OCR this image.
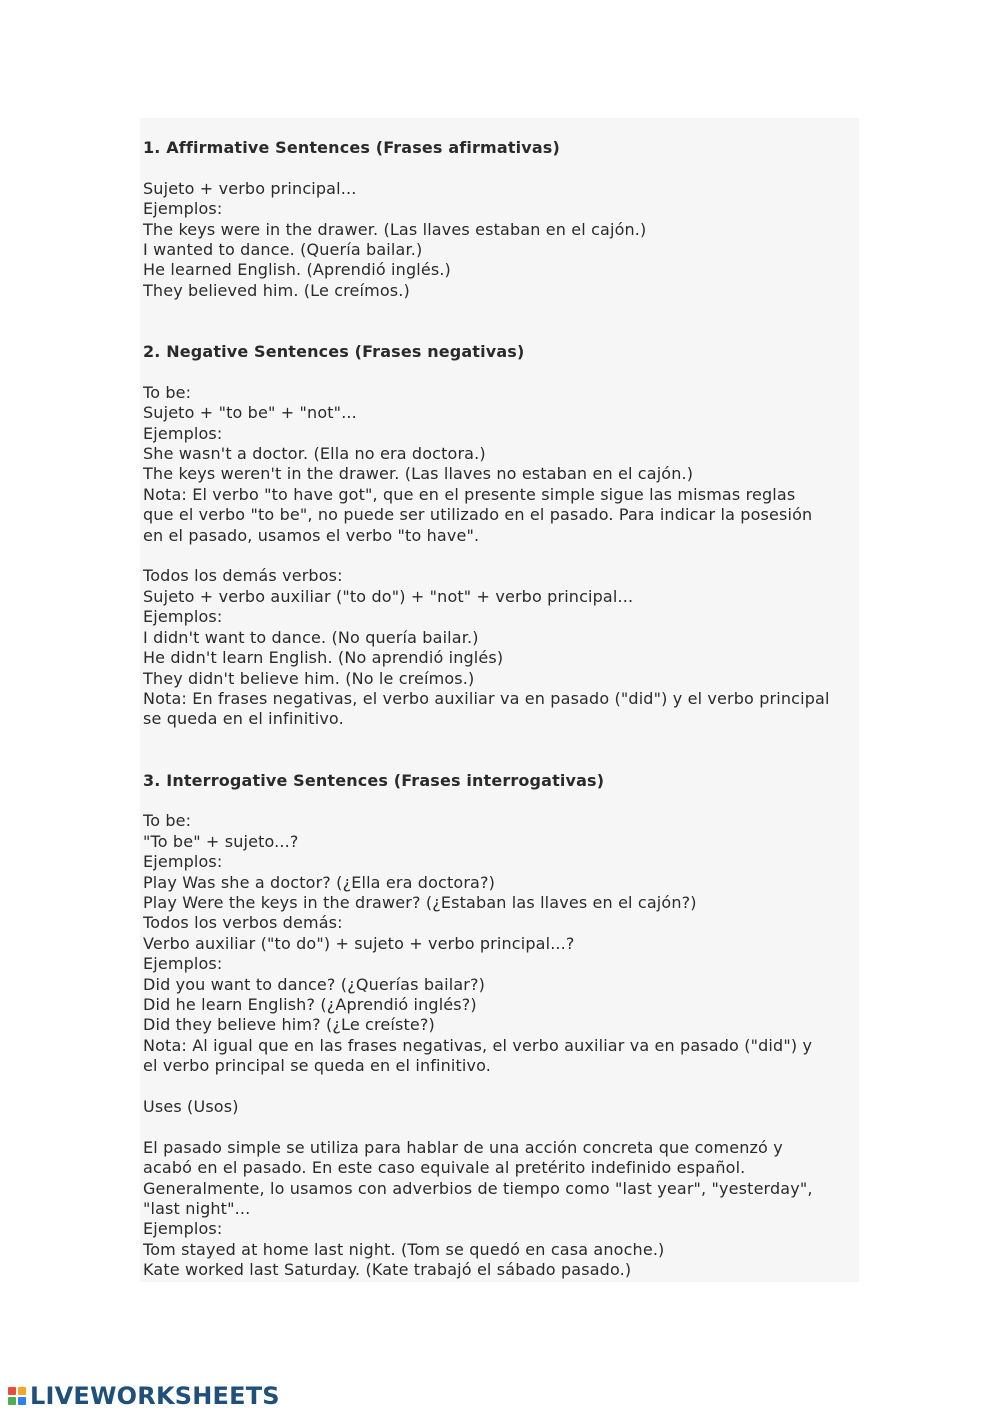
1. Affirmative Sentences (Frases afirmativas)
Sujeto + verbo principal...
Ejemplos:
The keys were in the drawer. (Las llaves estaban en el cajón.)
I wanted to dance. (Quería bailar.)
He learned English. (Aprendió inglés.)
They believed him. (Le creímos.)
2. Negative Sentences (Frases negativas)
To be:
Sujeto + "to be" + "not"...
Ejemplos:
She wasn't a doctor. (Ella no era doctora.)
The keys weren't in the drawer. (Las llaves no estaban en el cajón.)
Nota: El verbo "to have got", que en el presente simple sigue las mismas reglas
que el verbo "to be", no puede ser utilizado en el pasado. Para indicar la posesión
en el pasado, usamos el verbo "to have".
Todos los demás verbos:
Sujeto + verbo auxiliar ("to do") + "not" + verbo principal...
Ejemplos:
I didn't want to dance. (No quería bailar.)
He didn't learn English. (No aprendió inglés)
They didn't believe him. (No le creímos.)
Nota: En frases negativas, el verbo auxiliar va en pasado ("did") y el verbo principal
se queda en el infinitivo.
3. Interrogative Sentences (Frases interrogativas)
To be:
"To be" + sujeto...?
Ejemplos:
Play Was she a doctor? (¿Ella era doctora?)
Play Were the keys in the drawer? (¿Estaban las llaves en el cajón?)
Todos los verbos demás:
Verbo auxiliar ("to do") + sujeto + verbo principal...?
Ejemplos:
Did you want to dance? (¿Querías bailar?)
Did he learn English? (¿Aprendió inglés?)
Did they believe him? (¿Le creíste?)
Nota: Al igual que en las frases negativas, el verbo auxiliar va en pasado ("did") y
el verbo principal se queda en el infinitivo.
Uses (Usos)
El pasado simple se utiliza para hablar de una acción concreta que comenzó y
acabó en el pasado. En este caso equivale al pretérito indefinido español.
Generalmente, lo usamos con adverbios de tiempo como "last year", "yesterday",
"last night"...
Ejemplos:
Tom stayed at home last night. (Tom se quedó en casa anoche.)
Kate worked last Saturday. (Kate trabajó el sábado pasado.)
LIVEWORKSHEETS
